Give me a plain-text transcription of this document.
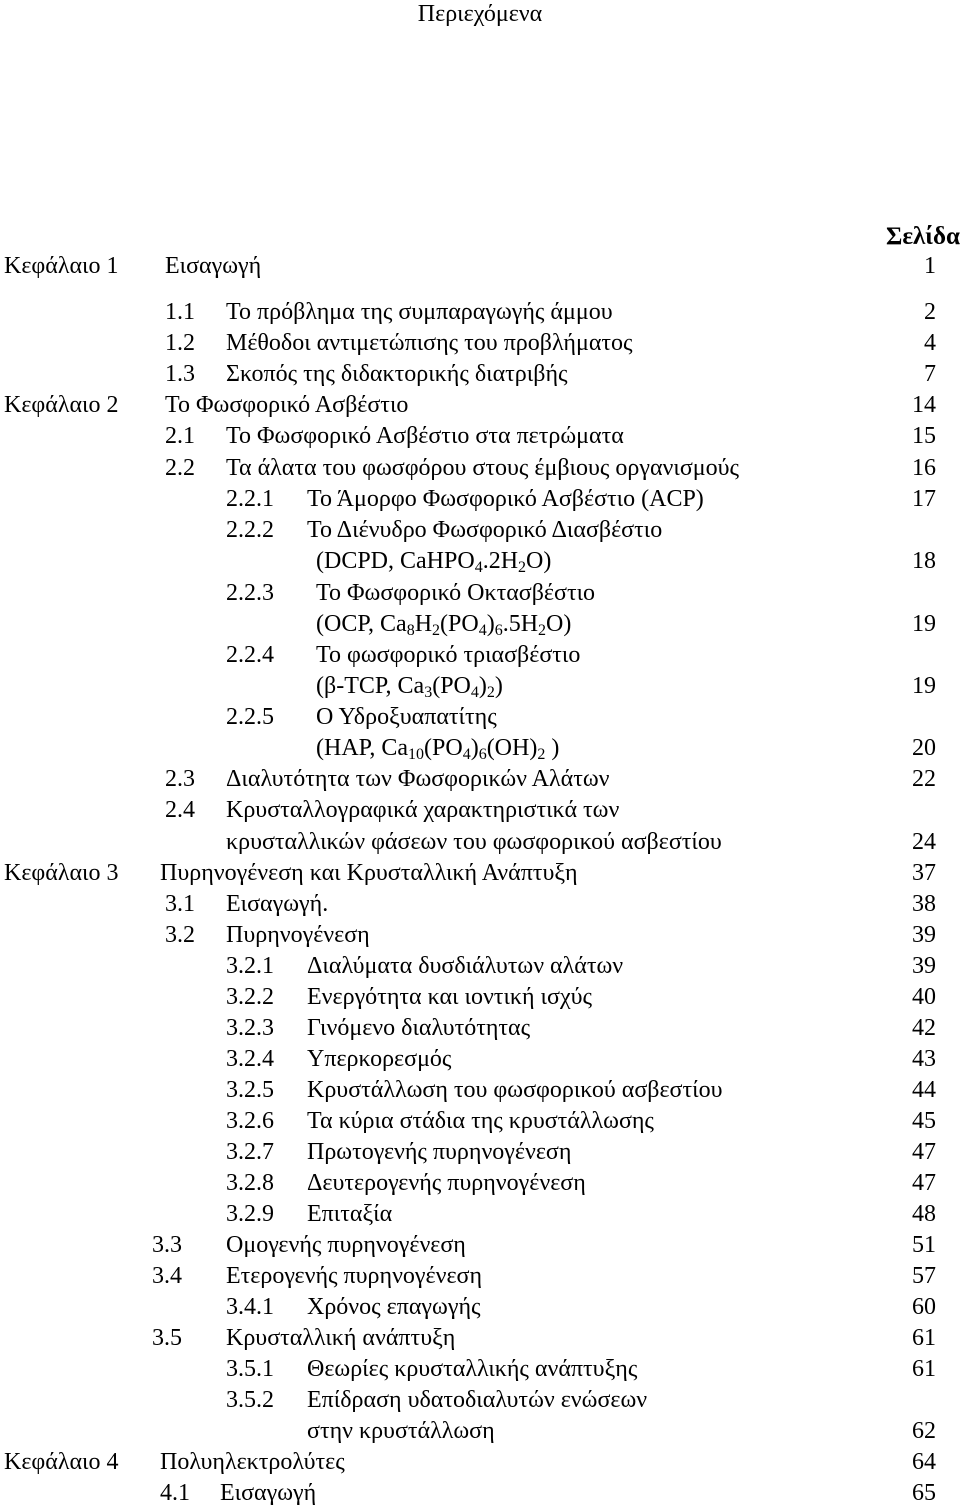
Περιεχόμενα
Σελίδα
Κεφάλαιο 1 Εισαγωγή	1
1.1 Το πρόβλημα της συμπαραγωγής άμμου	2
1.2 Μέθοδοι αντιμετώπισης του προβλήματος	4
1.3 Σκοπός της διδακτορικής διατριβής	7
Κεφάλαιο 2 Το Φωσφορικό Ασβέστιο	14
2.1 Το Φωσφορικό Ασβέστιο στα πετρώματα	15
2.2 Τα άλατα του φωσφόρου στους έμβιους οργανισμούς	16
2.2.1 Το Άμορφο Φωσφορικό Ασβέστιο (ACP)	17
2.2.2 Το Διένυδρο Φωσφορικό Διασβέστιο
(DCPD, $CaHPO_4.2H_2O$)	18
2.2.3 Το Φωσφορικό Οκτασβέστιο
(OCP, $Ca_8H_2(PO_4)_6.5H_2O$)	19
2.2.4 Το φωσφορικό τριασβέστιο
(β-TCP, $Ca_3(PO_4)_2$)	19
2.2.5 Ο Υδροξυαπατίτης
(HAP, $Ca_{10}(PO_4)_6(OH)_2$ )	20
2.3 Διαλυτότητα των Φωσφορικών Αλάτων	22
2.4 Κρυσταλλογραφικά χαρακτηριστικά των
κρυσταλλικών φάσεων του φωσφορικού ασβεστίου	24
Κεφάλαιο 3 Πυρηνογένεση και Κρυσταλλική Ανάπτυξη	37
3.1 Εισαγωγή.	38
3.2 Πυρηνογένεση	39
3.2.1 Διαλύματα δυσδιάλυτων αλάτων	39
3.2.2 Ενεργότητα και ιοντική ισχύς	40
3.2.3 Γινόμενο διαλυτότητας	42
3.2.4 Υπερκορεσμός	43
3.2.5 Κρυστάλλωση του φωσφορικού ασβεστίου	44
3.2.6 Τα κύρια στάδια της κρυστάλλωσης	45
3.2.7 Πρωτογενής πυρηνογένεση	47
3.2.8 Δευτερογενής πυρηνογένεση	47
3.2.9 Επιταξία	48
3.3 Ομογενής πυρηνογένεση	51
3.4 Ετερογενής πυρηνογένεση	57
3.4.1 Χρόνος επαγωγής	60
3.5 Κρυσταλλική ανάπτυξη	61
3.5.1 Θεωρίες κρυσταλλικής ανάπτυξης	61
3.5.2 Επίδραση υδατοδιαλυτών ενώσεων
στην κρυστάλλωση	62
Κεφάλαιο 4 Πολυηλεκτρολύτες	64
4.1 Εισαγωγή	65
